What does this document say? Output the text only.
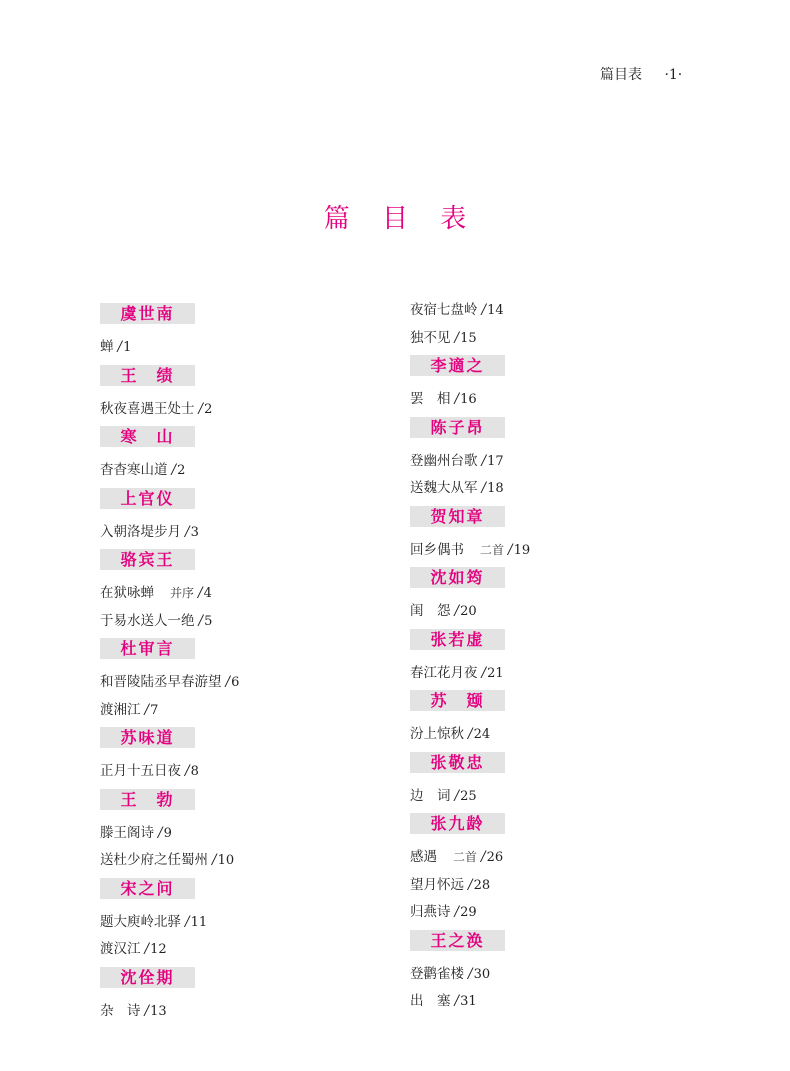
篇目表 ·1·
篇 目 表
虞世南
蝉 /1
王　绩
秋夜喜遇王处士 /2
寒　山
杳杳寒山道 /2
上官仪
入朝洛堤步月 /3
骆宾王
在狱咏蝉 并序 /4
于易水送人一绝 /5
杜审言
和晋陵陆丞早春游望 /6
渡湘江 /7
苏味道
正月十五日夜 /8
王　勃
滕王阁诗 /9
送杜少府之任蜀州 /10
宋之问
题大庾岭北驿 /11
渡汉江 /12
沈佺期
杂　诗 /13
夜宿七盘岭 /14
独不见 /15
李適之
罢　相 /16
陈子昂
登幽州台歌 /17
送魏大从军 /18
贺知章
回乡偶书 二首 /19
沈如筠
闺　怨 /20
张若虚
春江花月夜 /21
苏　颋
汾上惊秋 /24
张敬忠
边　词 /25
张九龄
感遇 二首 /26
望月怀远 /28
归燕诗 /29
王之涣
登鹳雀楼 /30
出　塞 /31
